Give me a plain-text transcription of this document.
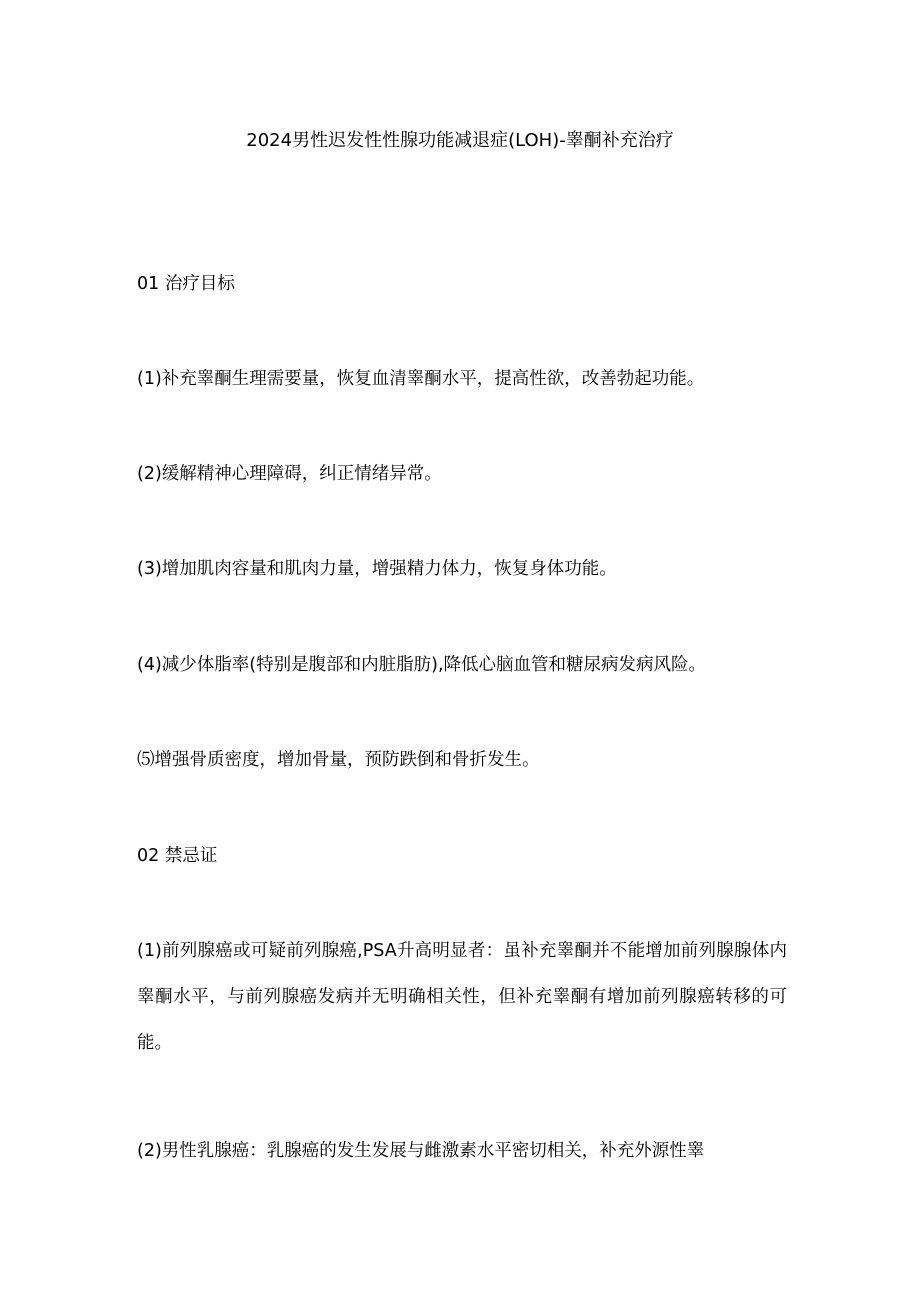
2024男性迟发性性腺功能减退症(LOH)-睾酮补充治疗

01 治疗目标

(1)补充睾酮生理需要量，恢复血清睾酮水平，提高性欲，改善勃起功能。

(2)缓解精神心理障碍，纠正情绪异常。

(3)增加肌肉容量和肌肉力量，增强精力体力，恢复身体功能。

(4)减少体脂率(特别是腹部和内脏脂肪),降低心脑血管和糖尿病发病风险。

⑸增强骨质密度，增加骨量，预防跌倒和骨折发生。

02 禁忌证

(1)前列腺癌或可疑前列腺癌,PSA升高明显者：虽补充睾酮并不能增加前列腺腺体内睾酮水平，与前列腺癌发病并无明确相关性，但补充睾酮有增加前列腺癌转移的可能。

(2)男性乳腺癌：乳腺癌的发生发展与雌激素水平密切相关，补充外源性睾
